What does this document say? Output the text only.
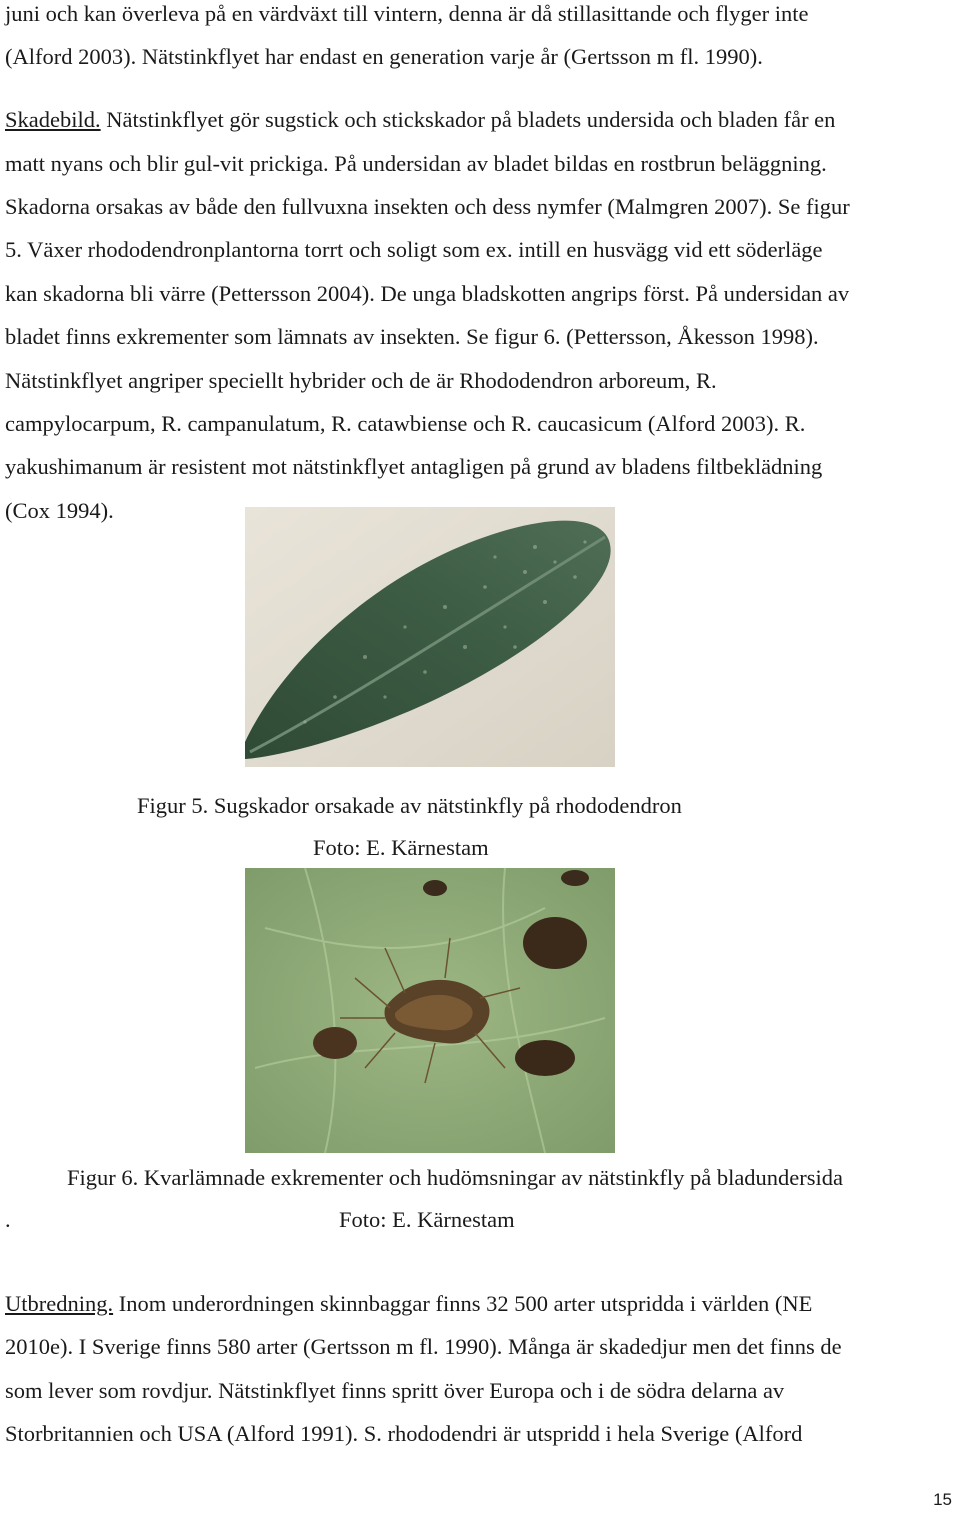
juni och kan överleva på en värdväxt till vintern, denna är då stillasittande och flyger inte
(Alford 2003). Nätstinkflyet har endast en generation varje år (Gertsson m fl. 1990).
Skadebild. Nätstinkflyet gör sugstick och stickskador på bladets undersida och bladen får en
matt nyans och blir gul-vit prickiga. På undersidan av bladet bildas en rostbrun beläggning.
Skadorna orsakas av både den fullvuxna insekten och dess nymfer (Malmgren 2007). Se figur
5. Växer rhododendronplantorna torrt och soligt som ex. intill en husvägg vid ett söderläge
kan skadorna bli värre (Pettersson 2004). De unga bladskotten angrips först. På undersidan av
bladet finns exkrementer som lämnats av insekten. Se figur 6. (Pettersson, Åkesson 1998).
Nätstinkflyet angriper speciellt hybrider och de är Rhododendron arboreum, R.
campylocarpum, R. campanulatum, R. catawbiense och R. caucasicum (Alford 2003). R.
yakushimanum är resistent mot nätstinkflyet antagligen på grund av bladens filtbeklädning
(Cox 1994).
Figur 5. Sugskador orsakade av nätstinkfly på rhododendron
Foto: E. Kärnestam
Figur 6. Kvarlämnade exkrementer och hudömsningar av nätstinkfly på bladundersida
.	Foto: E. Kärnestam
Utbredning. Inom underordningen skinnbaggar finns 32 500 arter utspridda i världen (NE
2010e). I Sverige finns 580 arter (Gertsson m fl. 1990). Många är skadedjur men det finns de
som lever som rovdjur. Nätstinkflyet finns spritt över Europa och i de södra delarna av
Storbritannien och USA (Alford 1991). S. rhododendri är utspridd i hela Sverige (Alford
15
